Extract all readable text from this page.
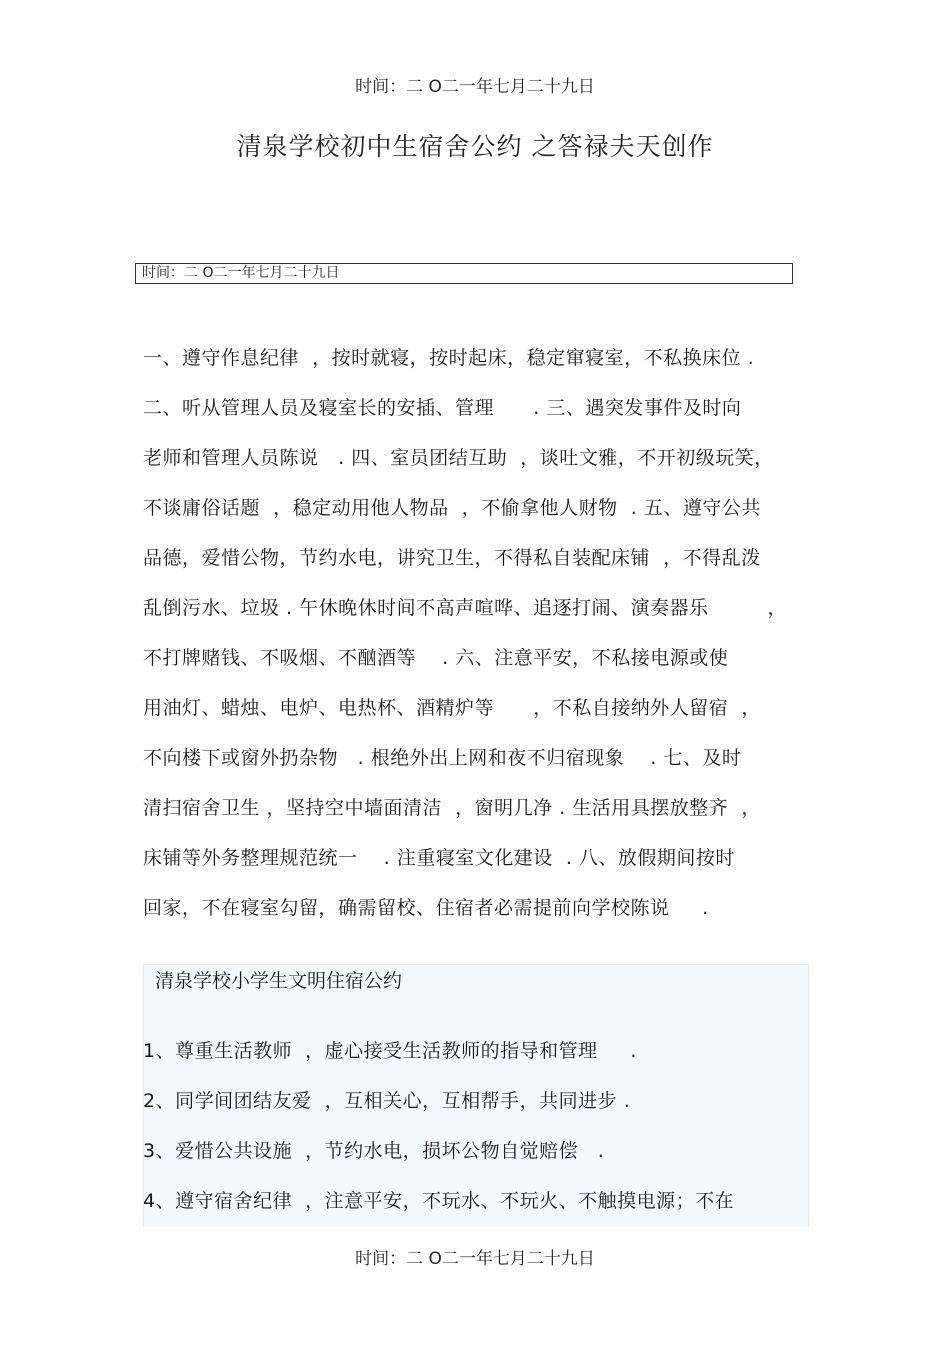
时间：二 O二一年七月二十九日
清泉学校初中生宿舍公约 之答禄夫天创作
时间：二 O二一年七月二十九日
一、遵守作息纪律  ，按时就寝，按时起床，稳定窜寝室，不私换床位 .
二、听从管理人员及寝室长的安插、管理      . 三、遇突发事件及时向
老师和管理人员陈说   . 四、室员团结互助  ，谈吐文雅，不开初级玩笑，
不谈庸俗话题  ，稳定动用他人物品  ，不偷拿他人财物  . 五、遵守公共
品德，爱惜公物，节约水电，讲究卫生，不得私自装配床铺  ，不得乱泼
乱倒污水、垃圾 . 午休晚休时间不高声喧哗、追逐打闹、演奏器乐         ，
不打牌赌钱、不吸烟、不酗酒等    . 六、注意平安，不私接电源或使
用油灯、蜡烛、电炉、电热杯、酒精炉等      ，不私自接纳外人留宿  ，
不向楼下或窗外扔杂物   . 根绝外出上网和夜不归宿现象    . 七、及时
清扫宿舍卫生 ，坚持空中墙面清洁  ，窗明几净 . 生活用具摆放整齐  ，
床铺等外务整理规范统一    . 注重寝室文化建设  . 八、放假期间按时
回家，不在寝室勾留，确需留校、住宿者必需提前向学校陈说     .
清泉学校小学生文明住宿公约
1、尊重生活教师  ，虚心接受生活教师的指导和管理     .
2、同学间团结友爱  ，互相关心，互相帮手，共同进步 .
3、爱惜公共设施  ，节约水电，损坏公物自觉赔偿   .
4、遵守宿舍纪律  ，注意平安，不玩水、不玩火、不触摸电源；不在
时间：二 O二一年七月二十九日
